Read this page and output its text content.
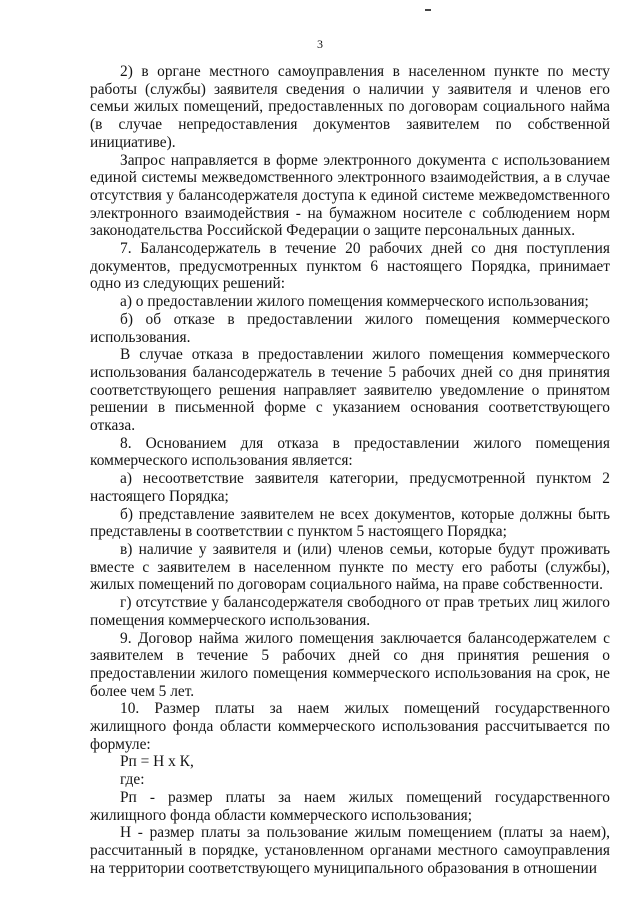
3

2) в органе местного самоуправления в населенном пункте по месту работы (службы) заявителя сведения о наличии у заявителя и членов его семьи жилых помещений, предоставленных по договорам социального найма (в случае непредоставления документов заявителем по собственной инициативе).

Запрос направляется в форме электронного документа с использованием единой системы межведомственного электронного взаимодействия, а в случае отсутствия у балансодержателя доступа к единой системе межведомственного электронного взаимодействия - на бумажном носителе с соблюдением норм законодательства Российской Федерации о защите персональных данных.

7. Балансодержатель в течение 20 рабочих дней со дня поступления документов, предусмотренных пунктом 6 настоящего Порядка, принимает одно из следующих решений:

а) о предоставлении жилого помещения коммерческого использования;

б) об отказе в предоставлении жилого помещения коммерческого использования.

В случае отказа в предоставлении жилого помещения коммерческого использования балансодержатель в течение 5 рабочих дней со дня принятия соответствующего решения направляет заявителю уведомление о принятом решении в письменной форме с указанием основания соответствующего отказа.

8. Основанием для отказа в предоставлении жилого помещения коммерческого использования является:

а) несоответствие заявителя категории, предусмотренной пунктом 2 настоящего Порядка;

б) представление заявителем не всех документов, которые должны быть представлены в соответствии с пунктом 5 настоящего Порядка;

в) наличие у заявителя и (или) членов семьи, которые будут проживать вместе с заявителем в населенном пункте по месту его работы (службы), жилых помещений по договорам социального найма, на праве собственности.

г) отсутствие у балансодержателя свободного от прав третьих лиц жилого помещения коммерческого использования.

9. Договор найма жилого помещения заключается балансодержателем с заявителем в течение 5 рабочих дней со дня принятия решения о предоставлении жилого помещения коммерческого использования на срок, не более чем 5 лет.

10. Размер платы за наем жилых помещений государственного жилищного фонда области коммерческого использования рассчитывается по формуле:

Рп = Н х К,

где:

Рп - размер платы за наем жилых помещений государственного жилищного фонда области коммерческого использования;

Н - размер платы за пользование жилым помещением (платы за наем), рассчитанный в порядке, установленном органами местного самоуправления на территории соответствующего муниципального образования в отношении
